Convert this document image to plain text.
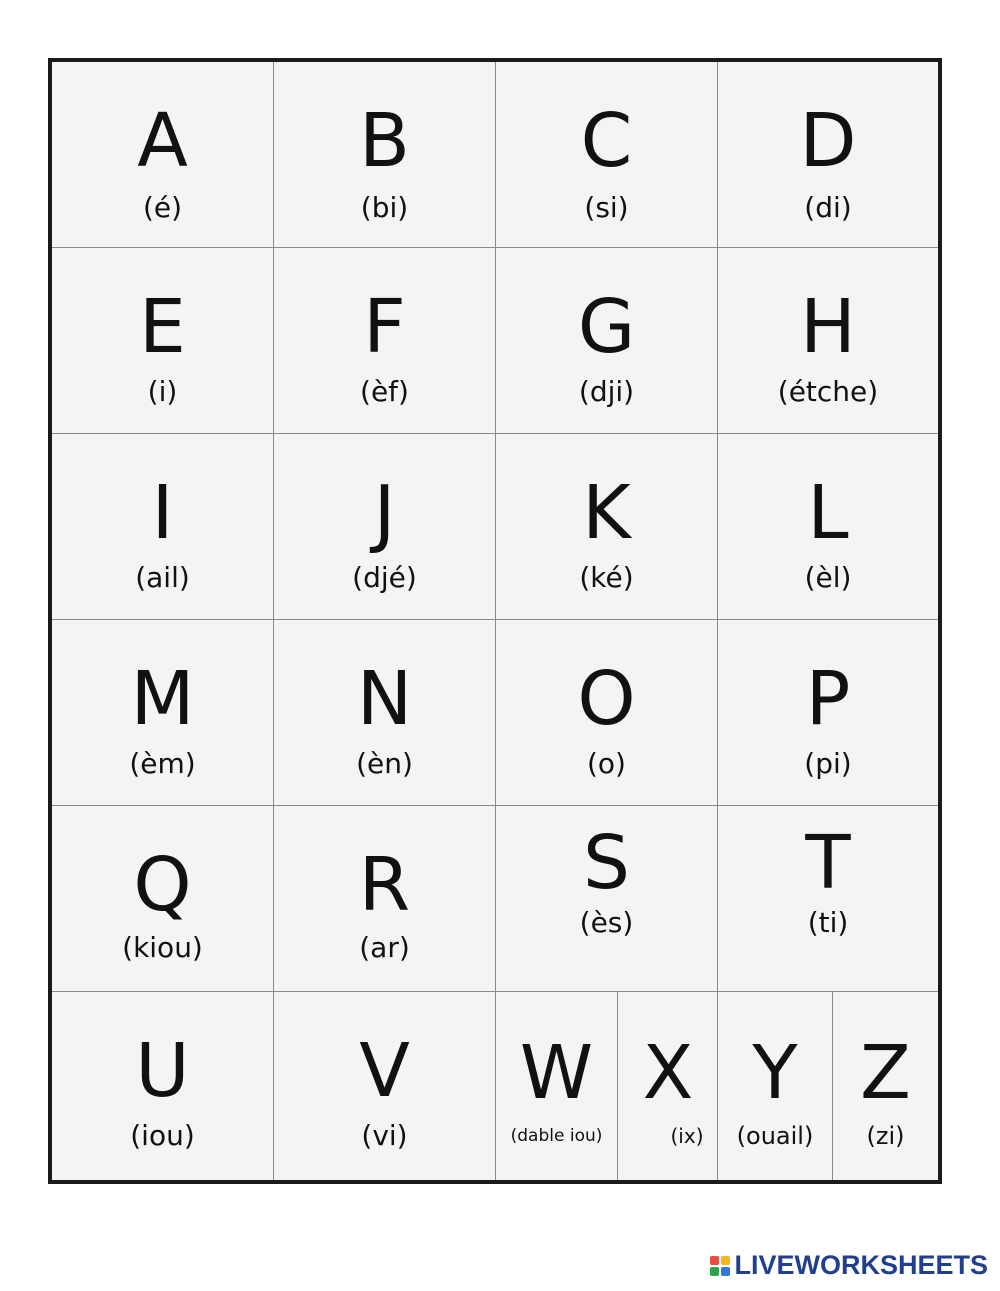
A
(é)
B
(bi)
C
(si)
D
(di)
E
(i)
F
(èf)
G
(dji)
H
(étche)
I
(ail)
J
(djé)
K
(ké)
L
(èl)
M
(èm)
N
(èn)
O
(o)
P
(pi)
Q
(kiou)
R
(ar)
S
(ès)
T
(ti)
U
(iou)
V
(vi)
W
(dable iou)
X
(ix)
Y
(ouail)
Z
(zi)
LIVEWORKSHEETS
